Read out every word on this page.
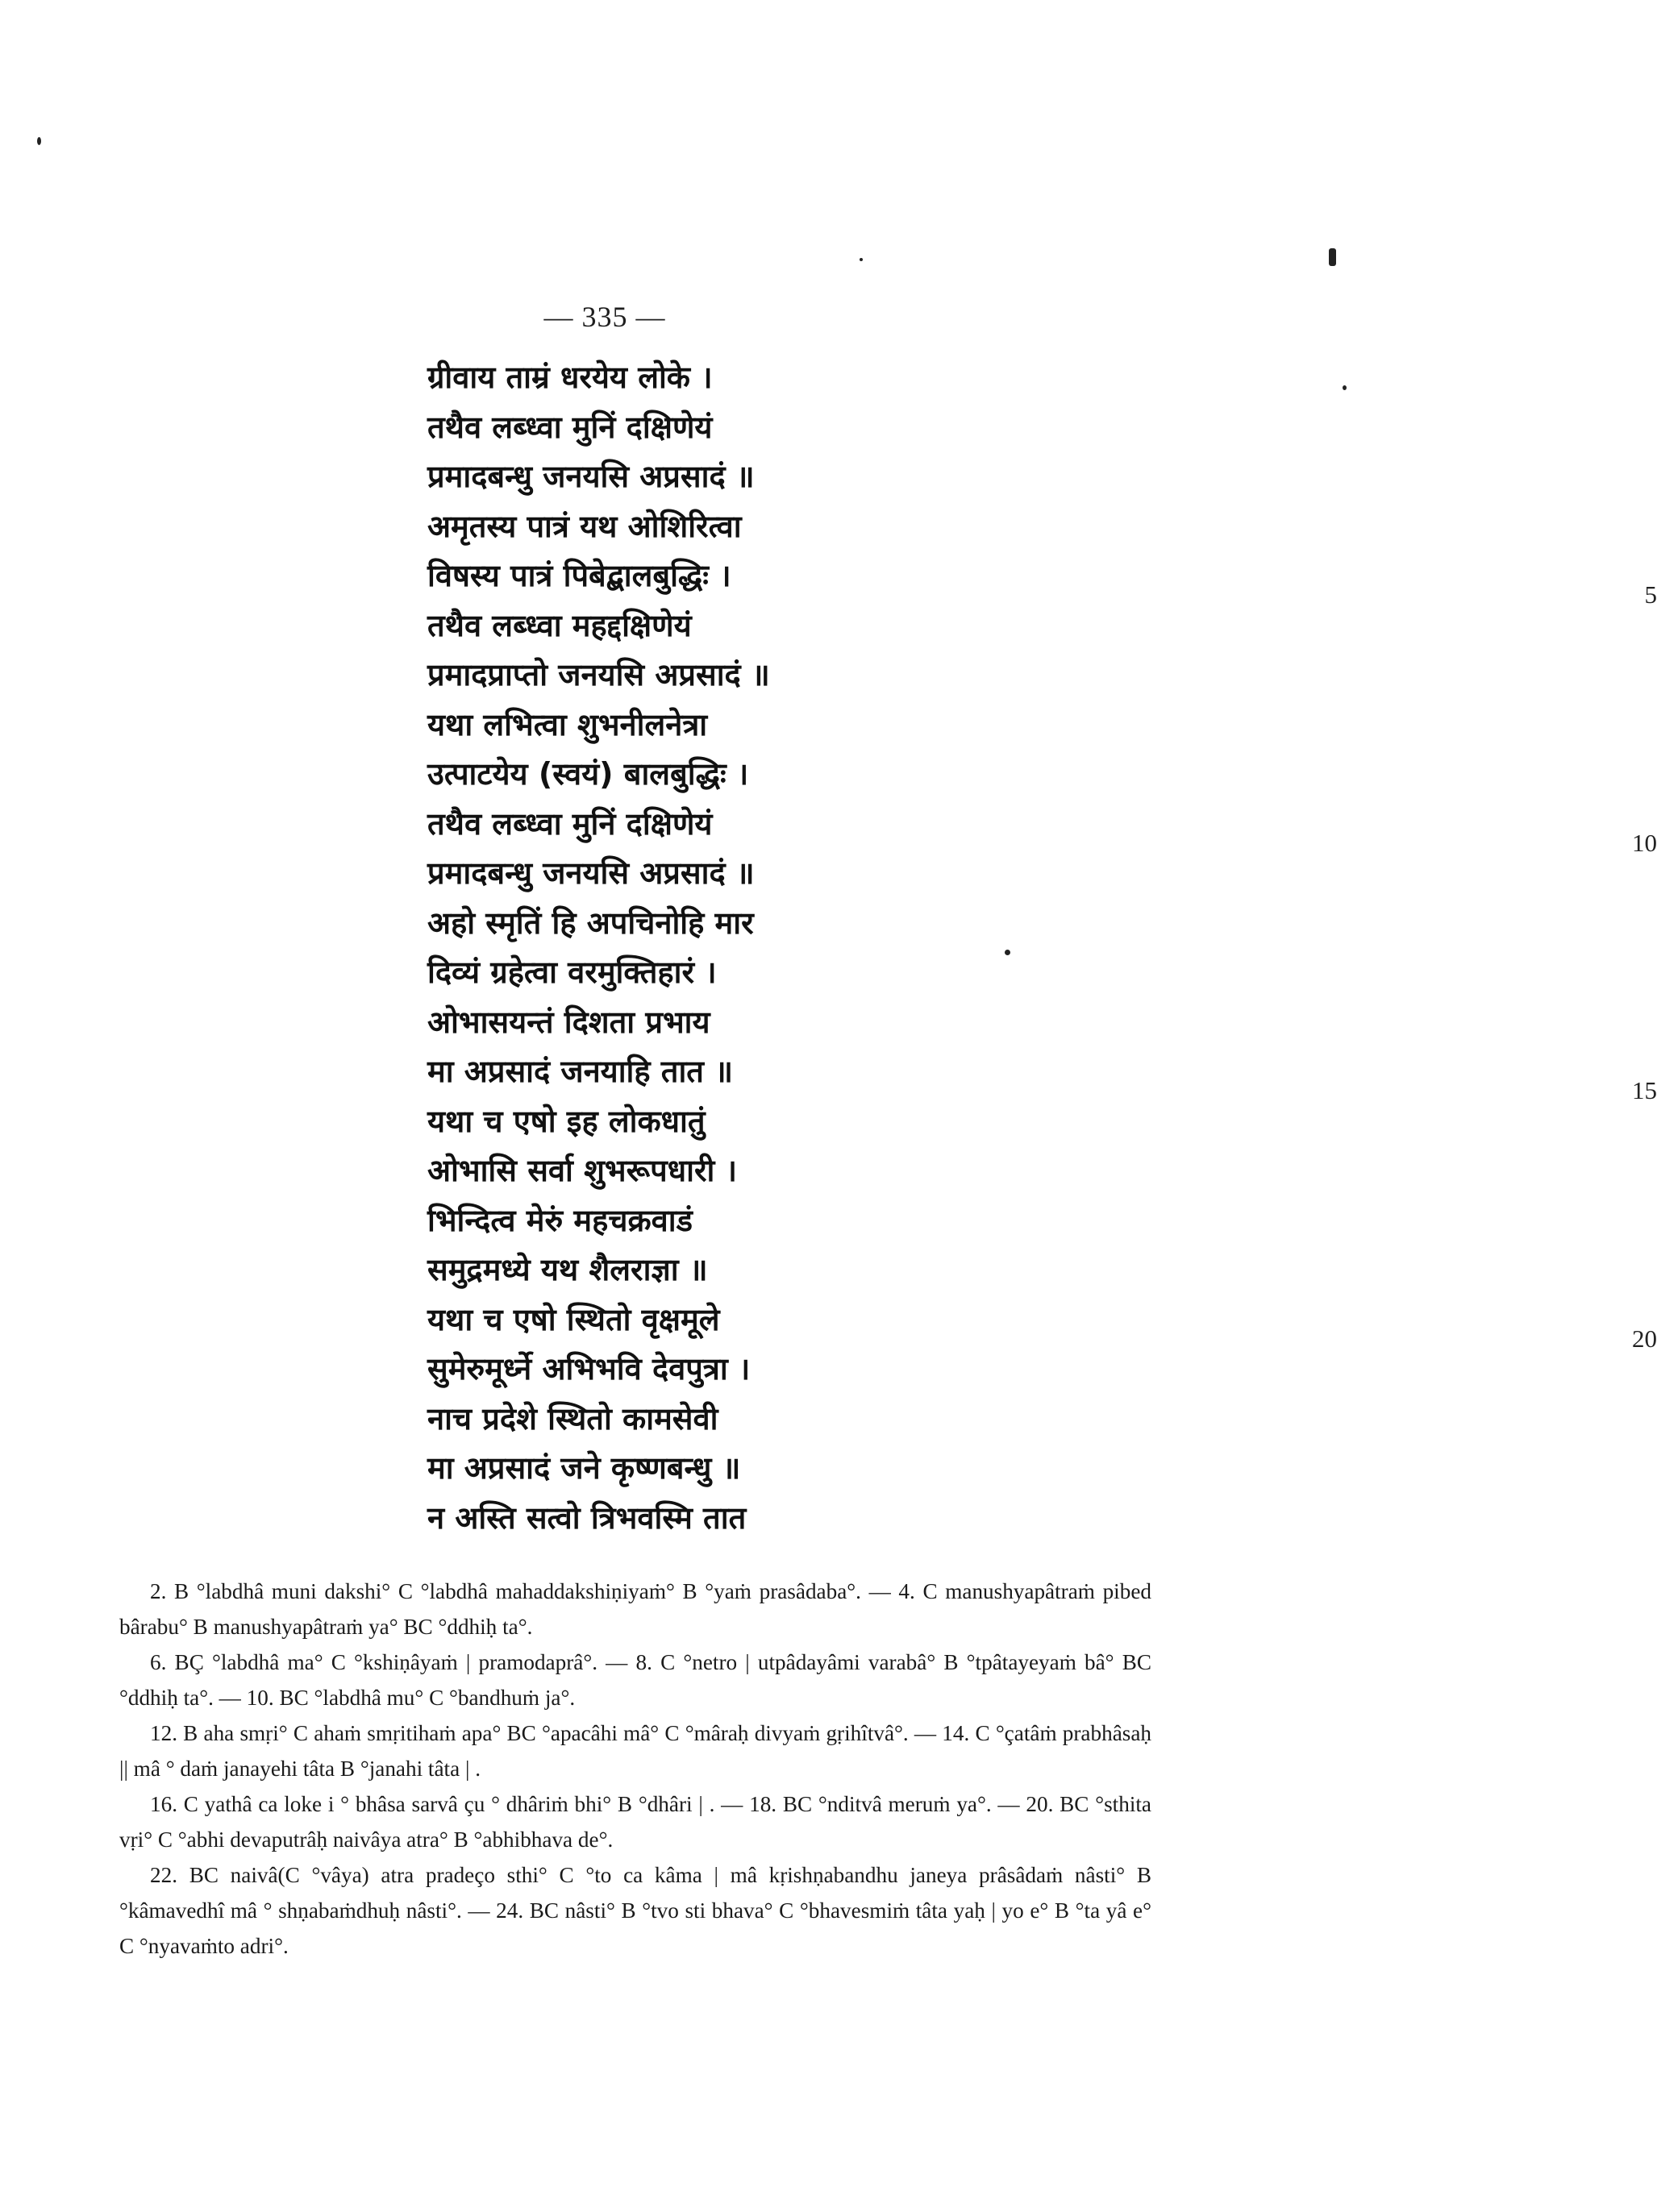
— 335 —
ग्रीवाय ताम्रं धरयेय लोके ।
तथैव लब्ध्वा मुनिं दक्षिणेयं
प्रमादबन्धु जनयसि अप्रसादं ॥
अमृतस्य पात्रं यथ ओशिरित्वा
विषस्य पात्रं पिबेद्बालबुद्धिः ।
तथैव लब्ध्वा महद्दक्षिणेयं
प्रमादप्राप्तो जनयसि अप्रसादं ॥
यथा लभित्वा शुभनीलनेत्रा
उत्पाटयेय (स्वयं) बालबुद्धिः ।
तथैव लब्ध्वा मुनिं दक्षिणेयं
प्रमादबन्धु जनयसि अप्रसादं ॥
अहो स्मृतिं हि अपचिनोहि मार
दिव्यं ग्रहेत्वा वरमुक्तिहारं ।
ओभासयन्तं दिशता प्रभाय
मा अप्रसादं जनयाहि तात ॥
यथा च एषो इह लोकधातुं
ओभासि सर्वा शुभरूपधारी ।
भिन्दित्व मेरुं महचक्रवाडं
समुद्रमध्ये यथ शैलराज्ञा ॥
यथा च एषो स्थितो वृक्षमूले
सुमेरुमूर्ध्ने अभिभवि देवपुत्रा ।
नाच प्रदेशे स्थितो कामसेवी
मा अप्रसादं जने कृष्णबन्धु ॥
न अस्ति सत्वो त्रिभवस्मि तात
5
10
15
20

2. B °labdhâ muni dakshi° C °labdhâ mahaddakshiṇiyaṁ° B °yaṁ prasâdaba°. — 4. C manushyapâtraṁ pibed bârabu° B manushyapâtraṁ ya° BC °ddhiḥ ta°.

6. BÇ °labdhâ ma° C °kshiṇâyaṁ | pramodaprâ°. — 8. C °netro | utpâdayâmi varabâ° B °tpâtayeyaṁ bâ° BC °ddhiḥ ta°. — 10. BC °labdhâ mu° C °bandhuṁ ja°.

12. B aha smṛi° C ahaṁ smṛitihaṁ apa° BC °apacâhi mâ° C °mâraḥ divyaṁ gṛihîtvâ°. — 14. C °çatâṁ prabhâsaḥ || mâ ° daṁ janayehi tâta B °janahi tâta | .

16. C yathâ ca loke i ° bhâsa sarvâ çu ° dhâriṁ bhi° B °dhâri | . — 18. BC °nditvâ meruṁ ya°. — 20. BC °sthita vṛi° C °abhi devaputrâḥ naivâya atra° B °abhibhava de°.

22. BC naivâ(C °vâya) atra pradeço sthi° C °to ca kâma | mâ kṛishṇabandhu janeya prâsâdaṁ nâsti° B °kâmavedhî mâ ° shṇabaṁdhuḥ nâsti°. — 24. BC nâsti° B °tvo sti bhava° C °bhavesmiṁ tâta yaḥ | yo e° B °ta yâ e° C °nyavaṁto adri°.
